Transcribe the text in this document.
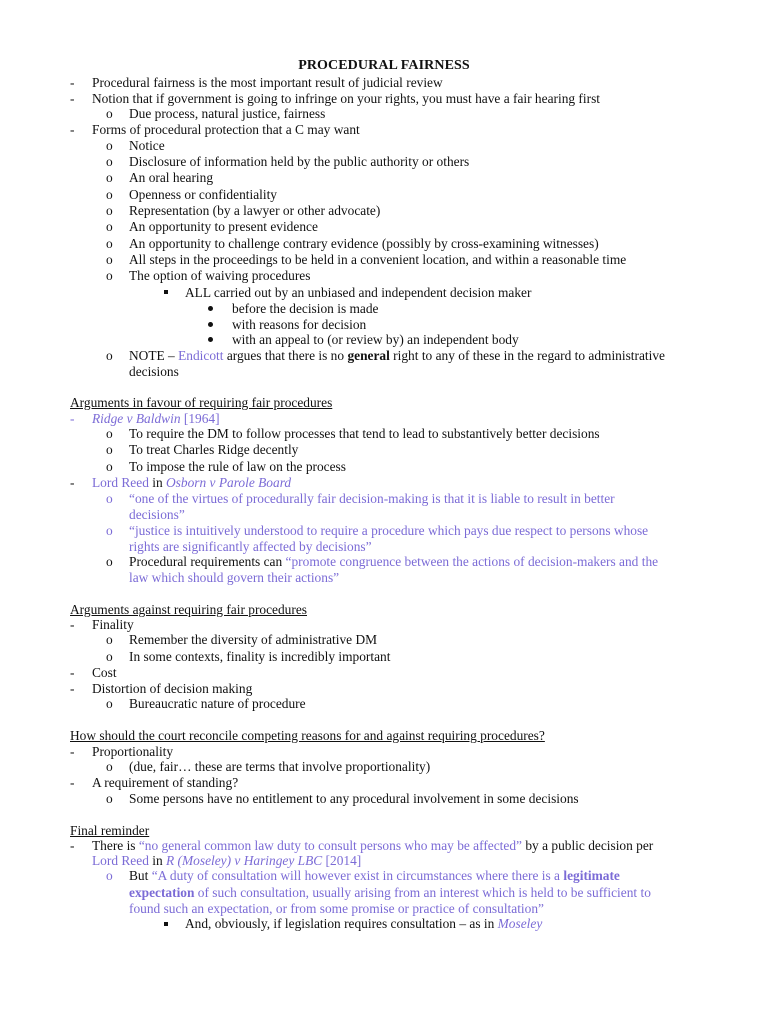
PROCEDURAL FAIRNESS
- Procedural fairness is the most important result of judicial review
- Notion that if government is going to infringe on your rights, you must have a fair hearing first
o Due process, natural justice, fairness
- Forms of procedural protection that a C may want
o Notice
o Disclosure of information held by the public authority or others
o An oral hearing
o Openness or confidentiality
o Representation (by a lawyer or other advocate)
o An opportunity to present evidence
o An opportunity to challenge contrary evidence (possibly by cross-examining witnesses)
o All steps in the proceedings to be held in a convenient location, and within a reasonable time
o The option of waiving procedures
ALL carried out by an unbiased and independent decision maker
before the decision is made
with reasons for decision
with an appeal to (or review by) an independent body
o NOTE – Endicott argues that there is no general right to any of these in the regard to administrative
decisions
Arguments in favour of requiring fair procedures
- Ridge v Baldwin [1964]
o To require the DM to follow processes that tend to lead to substantively better decisions
o To treat Charles Ridge decently
o To impose the rule of law on the process
- Lord Reed in Osborn v Parole Board
o “one of the virtues of procedurally fair decision-making is that it is liable to result in better
decisions”
o “justice is intuitively understood to require a procedure which pays due respect to persons whose
rights are significantly affected by decisions”
o Procedural requirements can “promote congruence between the actions of decision-makers and the
law which should govern their actions”
Arguments against requiring fair procedures
- Finality
o Remember the diversity of administrative DM
o In some contexts, finality is incredibly important
- Cost
- Distortion of decision making
o Bureaucratic nature of procedure
How should the court reconcile competing reasons for and against requiring procedures?
- Proportionality
o (due, fair… these are terms that involve proportionality)
- A requirement of standing?
o Some persons have no entitlement to any procedural involvement in some decisions
Final reminder
- There is “no general common law duty to consult persons who may be affected” by a public decision per
Lord Reed in R (Moseley) v Haringey LBC [2014]
o But “A duty of consultation will however exist in circumstances where there is a legitimate
expectation of such consultation, usually arising from an interest which is held to be sufficient to
found such an expectation, or from some promise or practice of consultation”
And, obviously, if legislation requires consultation – as in Moseley
